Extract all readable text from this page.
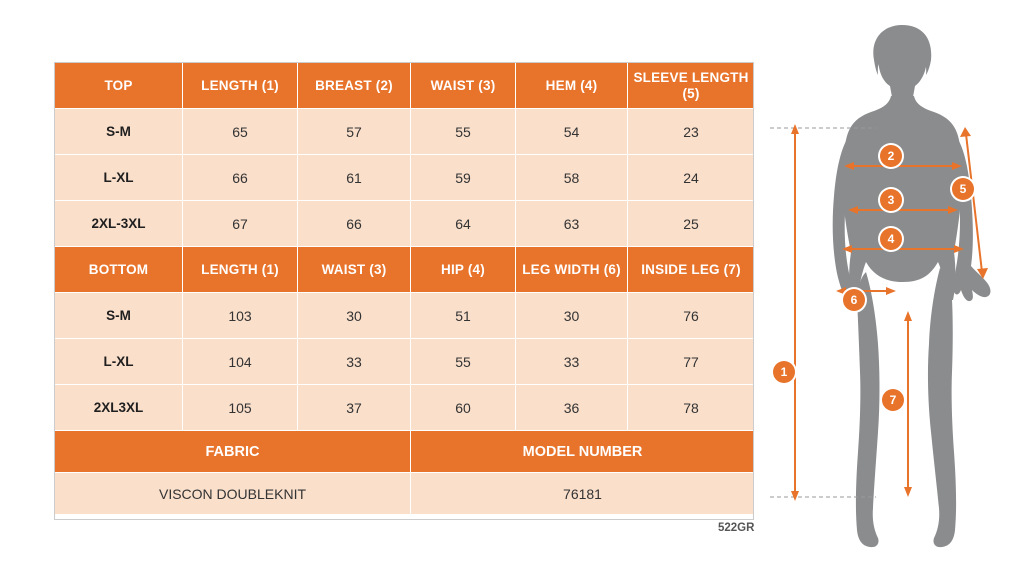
TOP	LENGTH (1)	BREAST (2)	WAIST (3)	HEM (4)	SLEEVE LENGTH (5)
S-M	65	57	55	54	23
L-XL	66	61	59	58	24
2XL-3XL	67	66	64	63	25
BOTTOM	LENGTH (1)	WAIST (3)	HIP (4)	LEG WIDTH (6)	INSIDE LEG (7)
S-M	103	30	51	30	76
L-XL	104	33	55	33	77
2XL3XL	105	37	60	36	78
FABRIC			MODEL NUMBER		
VISCON DOUBLEKNIT			76181		
522GR
1
2
3
4
5
6
7
